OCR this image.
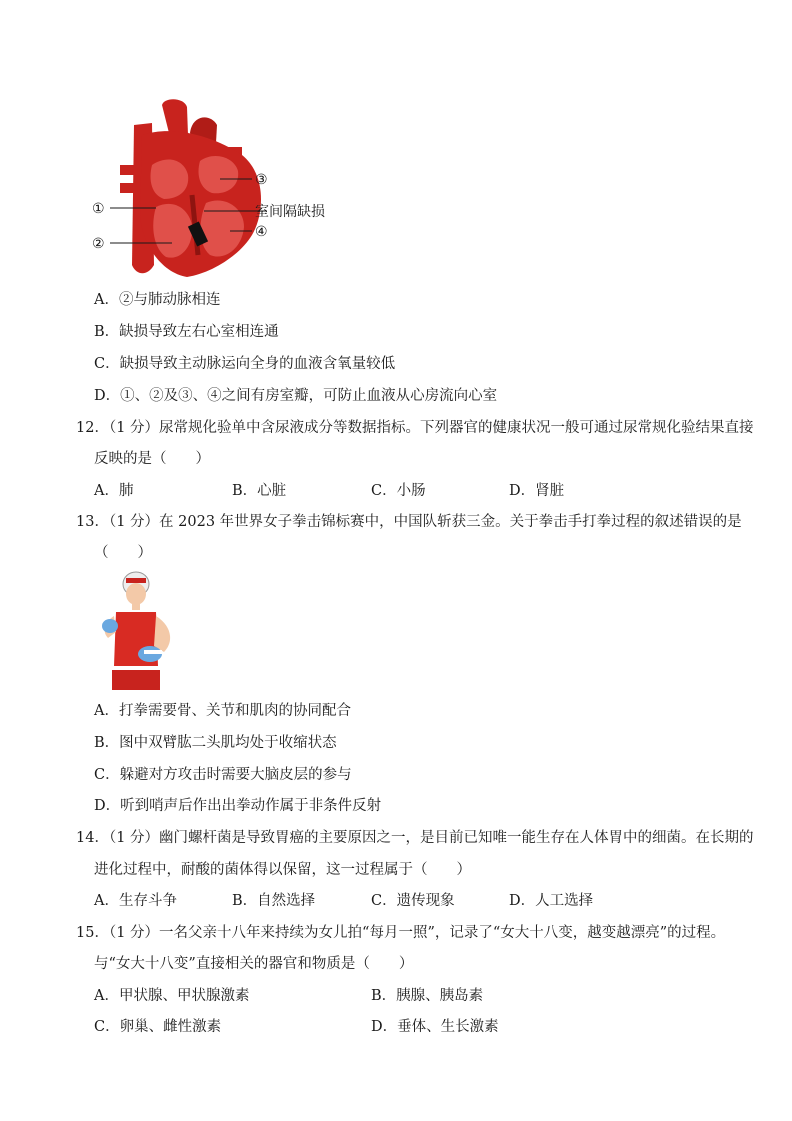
①
②
③
室间隔缺损
④
A．②与肺动脉相连
B．缺损导致左右心室相连通
C．缺损导致主动脉运向全身的血液含氧量较低
D．①、②及③、④之间有房室瓣，可防止血液从心房流向心室
12．（1 分）尿常规化验单中含尿液成分等数据指标。下列器官的健康状况一般可通过尿常规化验结果直接
反映的是（　　）
A．肺	B．心脏	C．小肠	D．肾脏
13．（1 分）在 2023 年世界女子拳击锦标赛中，中国队斩获三金。关于拳击手打拳过程的叙述错误的是
（　　）
A．打拳需要骨、关节和肌肉的协同配合
B．图中双臂肱二头肌均处于收缩状态
C．躲避对方攻击时需要大脑皮层的参与
D．听到哨声后作出出拳动作属于非条件反射
14．（1 分）幽门螺杆菌是导致胃癌的主要原因之一，是目前已知唯一能生存在人体胃中的细菌。在长期的
进化过程中，耐酸的菌体得以保留，这一过程属于（　　）
A．生存斗争	B．自然选择	C．遗传现象	D．人工选择
15．（1 分）一名父亲十八年来持续为女儿拍“每月一照”，记录了“女大十八变，越变越漂亮”的过程。
与“女大十八变”直接相关的器官和物质是（　　）
A．甲状腺、甲状腺激素	B．胰腺、胰岛素
C．卵巢、雌性激素	D．垂体、生长激素
